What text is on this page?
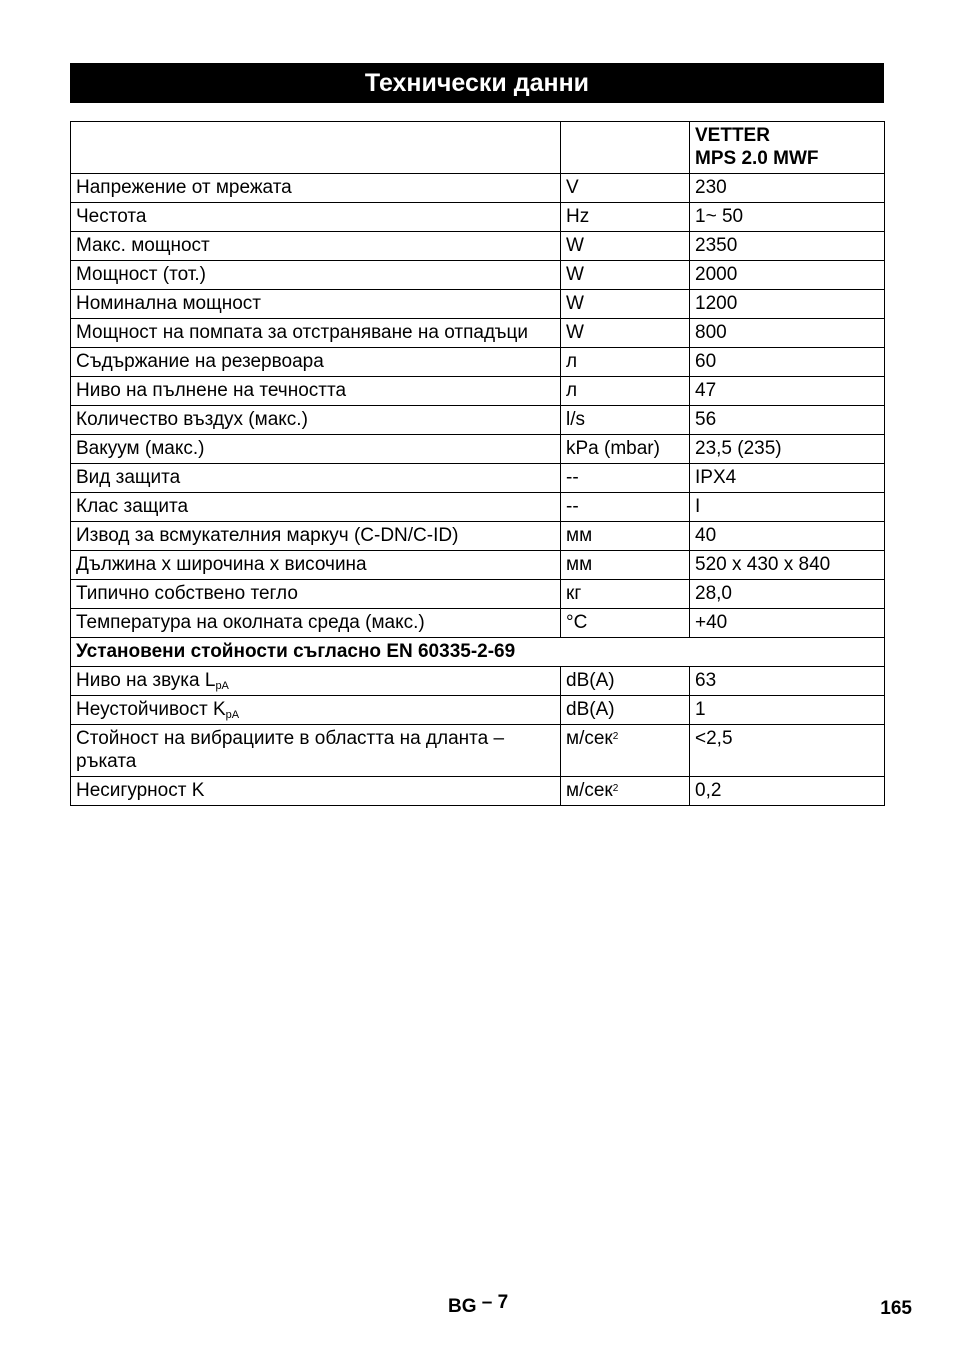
Технически данни

		VETTER
MPS 2.0 MWF

Напрежение от мрежата	V	230
Честота	Hz	1~ 50
Макс. мощност	W	2350
Мощност (тот.)	W	2000
Номинална мощност	W	1200
Мощност на помпата за отстраняване на отпадъци	W	800
Съдържание на резервоара	л	60
Ниво на пълнене на течността	л	47
Количество въздух (макс.)	l/s	56
Вакуум (макс.)	kPa (mbar)	23,5 (235)
Вид защита	--	IPX4
Клас защита	--	I
Извод за всмукателния маркуч (C-DN/C-ID)	мм	40
Дължина x широчина x височина	мм	520 x 430 x 840
Типично собствено тегло	кг	28,0
Температура на околната среда (макс.)	°C	+40
Установени стойности съгласно EN 60335-2-69		
Ниво на звука $L_{pA}$	dB(A)	63
Неустойчивост $K_{pA}$	dB(A)	1
Стойност на вибрациите в областта на дланта – ръката	м/сек$^2$	<2,5
Несигурност K	м/сек$^2$	0,2
BG – 7	165
